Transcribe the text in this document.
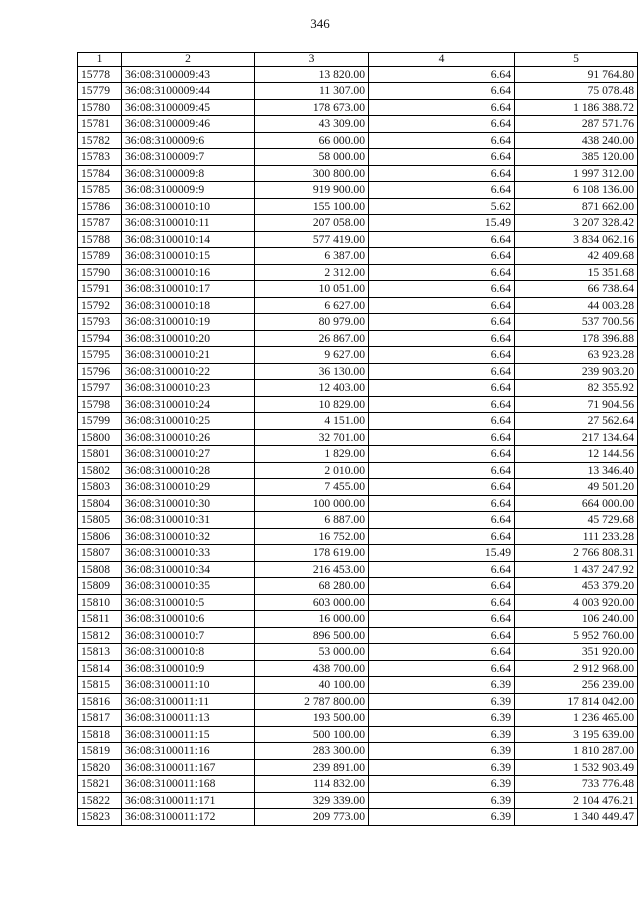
346
1	2	3	4	5
15778	36:08:3100009:43	13 820.00	6.64	91 764.80
15779	36:08:3100009:44	11 307.00	6.64	75 078.48
15780	36:08:3100009:45	178 673.00	6.64	1 186 388.72
15781	36:08:3100009:46	43 309.00	6.64	287 571.76
15782	36:08:3100009:6	66 000.00	6.64	438 240.00
15783	36:08:3100009:7	58 000.00	6.64	385 120.00
15784	36:08:3100009:8	300 800.00	6.64	1 997 312.00
15785	36:08:3100009:9	919 900.00	6.64	6 108 136.00
15786	36:08:3100010:10	155 100.00	5.62	871 662.00
15787	36:08:3100010:11	207 058.00	15.49	3 207 328.42
15788	36:08:3100010:14	577 419.00	6.64	3 834 062.16
15789	36:08:3100010:15	6 387.00	6.64	42 409.68
15790	36:08:3100010:16	2 312.00	6.64	15 351.68
15791	36:08:3100010:17	10 051.00	6.64	66 738.64
15792	36:08:3100010:18	6 627.00	6.64	44 003.28
15793	36:08:3100010:19	80 979.00	6.64	537 700.56
15794	36:08:3100010:20	26 867.00	6.64	178 396.88
15795	36:08:3100010:21	9 627.00	6.64	63 923.28
15796	36:08:3100010:22	36 130.00	6.64	239 903.20
15797	36:08:3100010:23	12 403.00	6.64	82 355.92
15798	36:08:3100010:24	10 829.00	6.64	71 904.56
15799	36:08:3100010:25	4 151.00	6.64	27 562.64
15800	36:08:3100010:26	32 701.00	6.64	217 134.64
15801	36:08:3100010:27	1 829.00	6.64	12 144.56
15802	36:08:3100010:28	2 010.00	6.64	13 346.40
15803	36:08:3100010:29	7 455.00	6.64	49 501.20
15804	36:08:3100010:30	100 000.00	6.64	664 000.00
15805	36:08:3100010:31	6 887.00	6.64	45 729.68
15806	36:08:3100010:32	16 752.00	6.64	111 233.28
15807	36:08:3100010:33	178 619.00	15.49	2 766 808.31
15808	36:08:3100010:34	216 453.00	6.64	1 437 247.92
15809	36:08:3100010:35	68 280.00	6.64	453 379.20
15810	36:08:3100010:5	603 000.00	6.64	4 003 920.00
15811	36:08:3100010:6	16 000.00	6.64	106 240.00
15812	36:08:3100010:7	896 500.00	6.64	5 952 760.00
15813	36:08:3100010:8	53 000.00	6.64	351 920.00
15814	36:08:3100010:9	438 700.00	6.64	2 912 968.00
15815	36:08:3100011:10	40 100.00	6.39	256 239.00
15816	36:08:3100011:11	2 787 800.00	6.39	17 814 042.00
15817	36:08:3100011:13	193 500.00	6.39	1 236 465.00
15818	36:08:3100011:15	500 100.00	6.39	3 195 639.00
15819	36:08:3100011:16	283 300.00	6.39	1 810 287.00
15820	36:08:3100011:167	239 891.00	6.39	1 532 903.49
15821	36:08:3100011:168	114 832.00	6.39	733 776.48
15822	36:08:3100011:171	329 339.00	6.39	2 104 476.21
15823	36:08:3100011:172	209 773.00	6.39	1 340 449.47
